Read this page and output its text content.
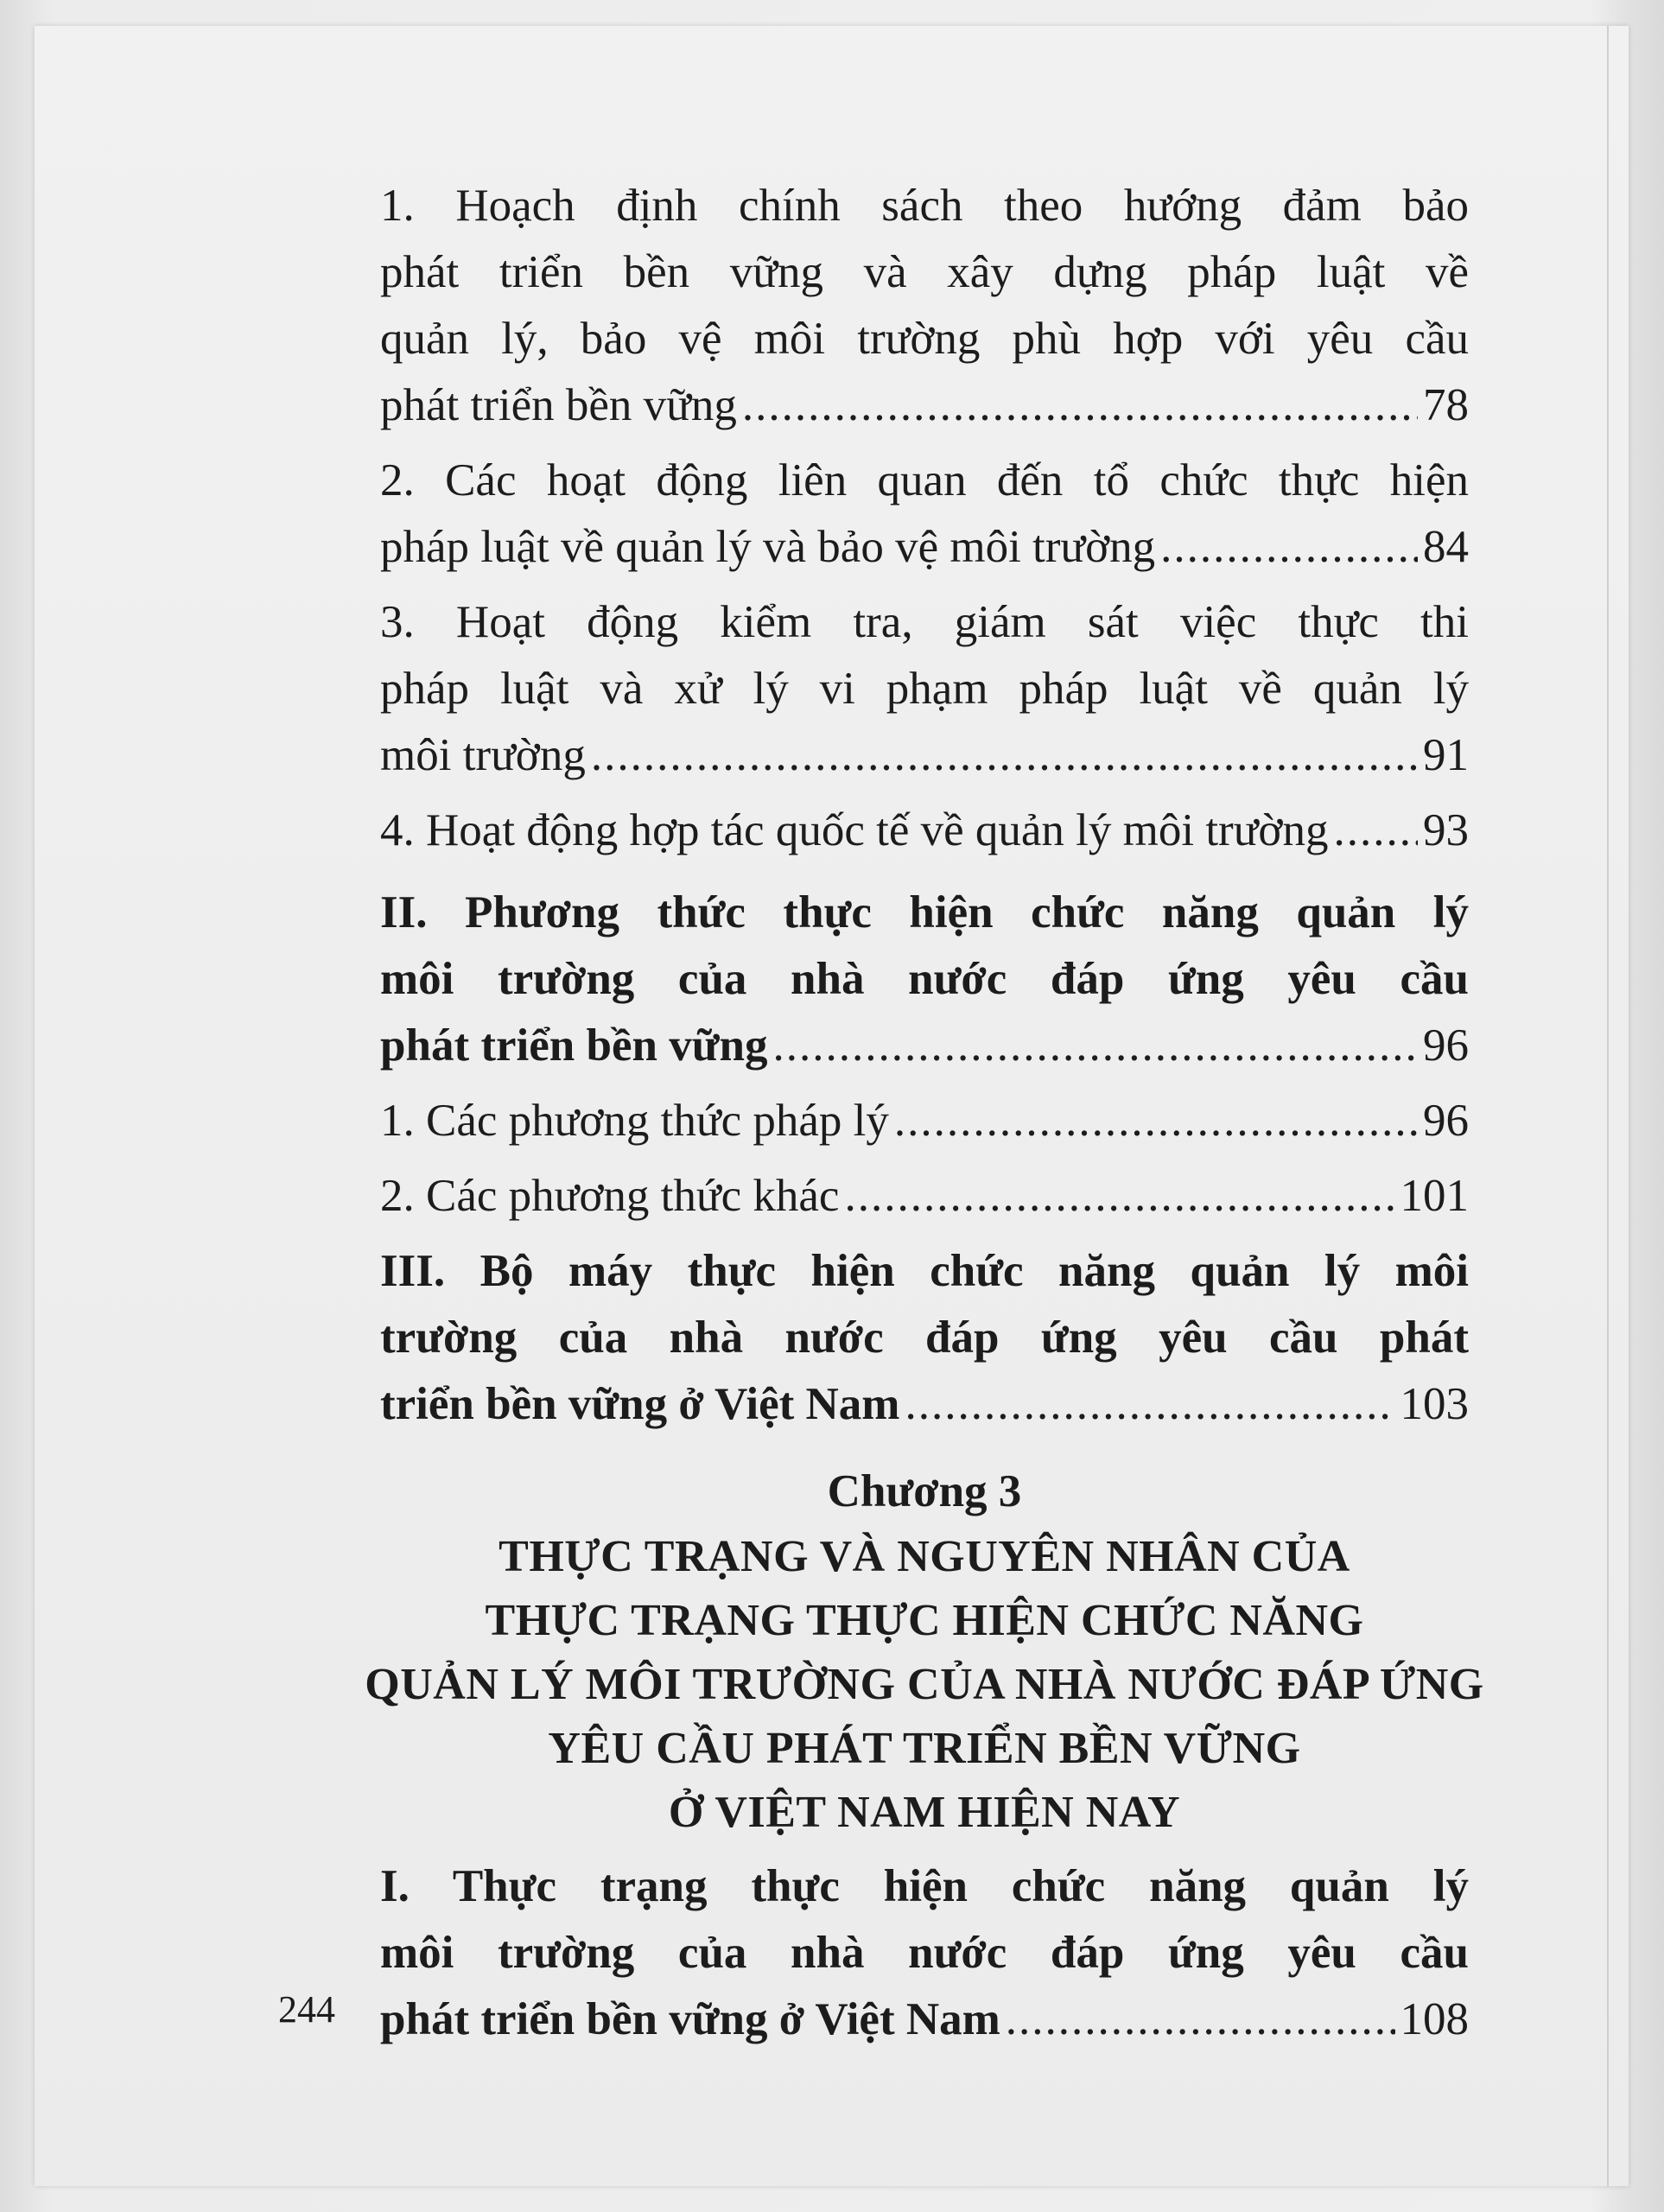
1. Hoạch định chính sách theo hướng đảm bảo
phát triển bền vững và xây dựng pháp luật về
quản lý, bảo vệ môi trường phù hợp với yêu cầu
phát triển bền vững .....	78
2. Các hoạt động liên quan đến tổ chức thực hiện
pháp luật về quản lý và bảo vệ môi trường .....	84
3. Hoạt động kiểm tra, giám sát việc thực thi
pháp luật và xử lý vi phạm pháp luật về quản lý
môi trường .....	91
4. Hoạt động hợp tác quốc tế về quản lý môi trường ..... 93
II. Phương thức thực hiện chức năng quản lý
môi trường của nhà nước đáp ứng yêu cầu
phát triển bền vững .....	96
1. Các phương thức pháp lý .....	96
2. Các phương thức khác .....	101
III. Bộ máy thực hiện chức năng quản lý môi
trường của nhà nước đáp ứng yêu cầu phát
triển bền vững ở Việt Nam .....	103
Chương 3
THỰC TRẠNG VÀ NGUYÊN NHÂN CỦA
THỰC TRẠNG THỰC HIỆN CHỨC NĂNG
QUẢN LÝ MÔI TRƯỜNG CỦA NHÀ NƯỚC ĐÁP ỨNG
YÊU CẦU PHÁT TRIỂN BỀN VỮNG
Ở VIỆT NAM HIỆN NAY
I. Thực trạng thực hiện chức năng quản lý
môi trường của nhà nước đáp ứng yêu cầu
phát triển bền vững ở Việt Nam .....	108
244
